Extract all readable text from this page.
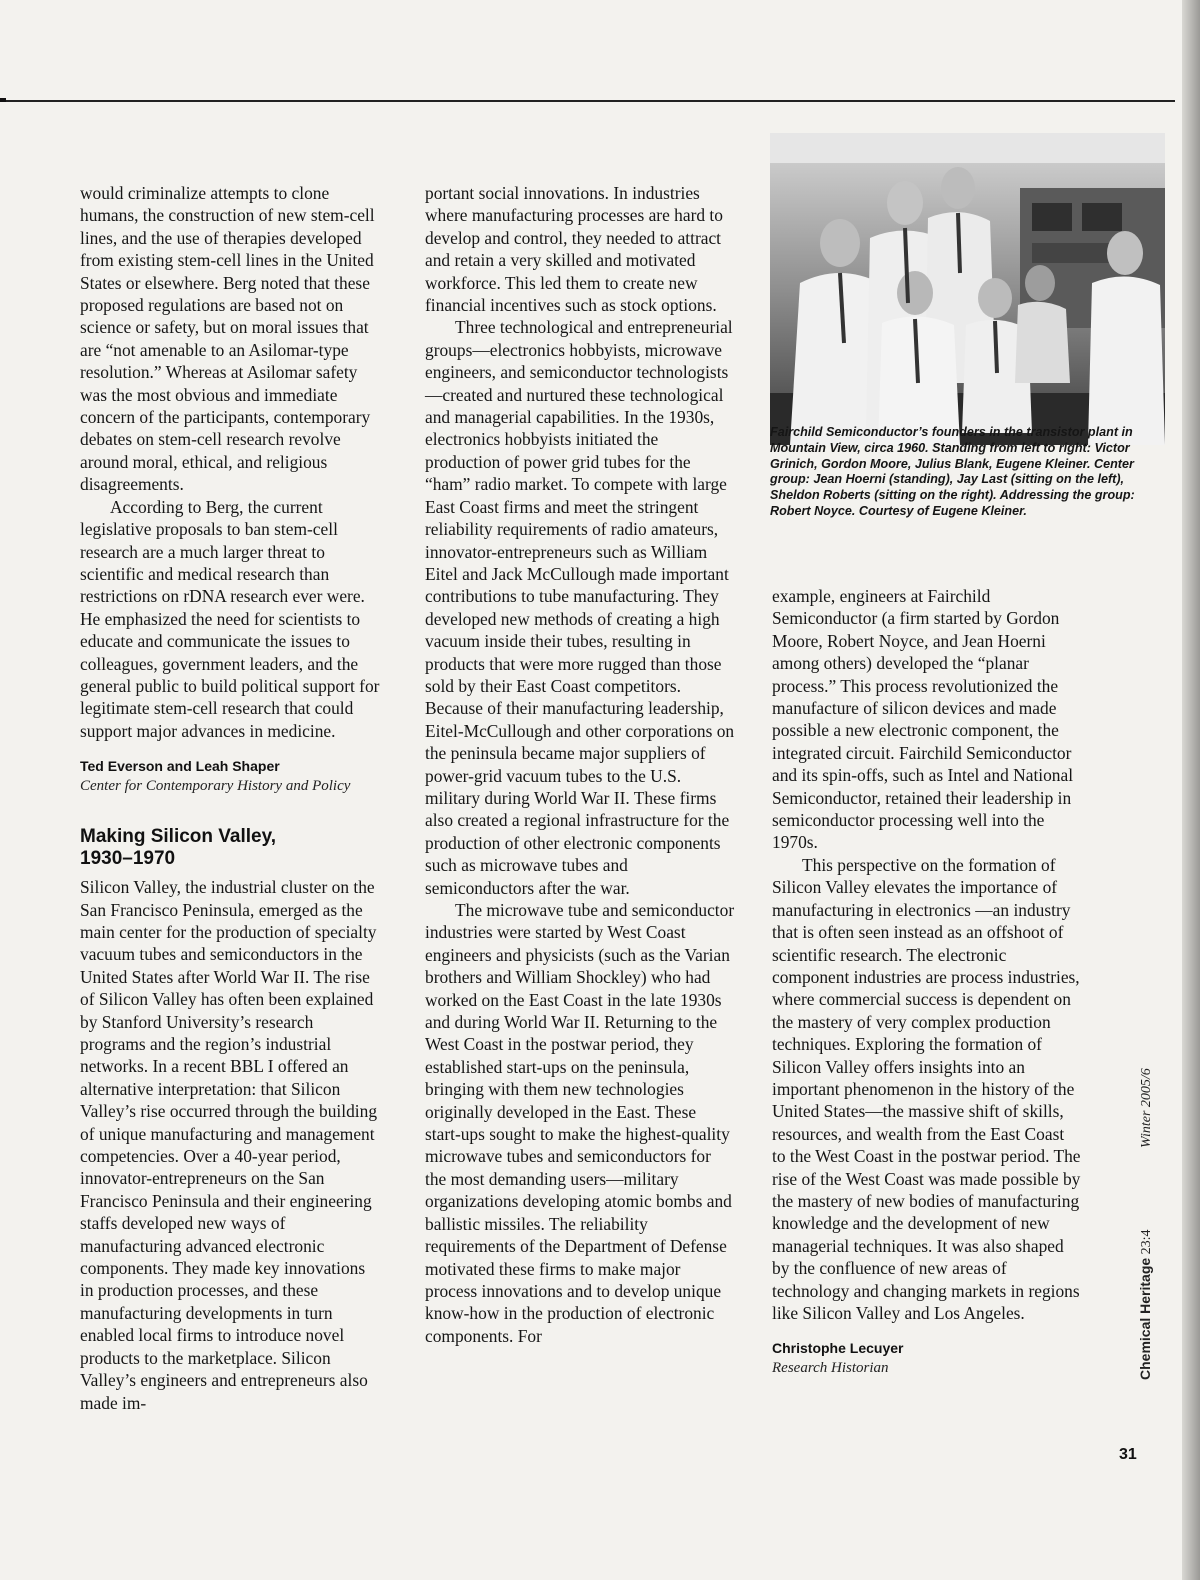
would criminalize attempts to clone humans, the construction of new stem-cell lines, and the use of therapies developed from existing stem-cell lines in the United States or elsewhere. Berg noted that these proposed regulations are based not on science or safety, but on moral issues that are “not amenable to an Asilomar-type resolution.” Whereas at Asilomar safety was the most obvious and immediate concern of the participants, contemporary debates on stem-cell research revolve around moral, ethical, and religious disagreements.

According to Berg, the current legislative proposals to ban stem-cell research are a much larger threat to scientific and medical research than restrictions on rDNA research ever were. He emphasized the need for scientists to educate and communicate the issues to colleagues, government leaders, and the general public to build political support for legitimate stem-cell research that could support major advances in medicine.

Ted Everson and Leah Shaper

Center for Contemporary History and Policy

Making Silicon Valley,
1930–1970

Silicon Valley, the industrial cluster on the San Francisco Peninsula, emerged as the main center for the production of specialty vacuum tubes and semiconductors in the United States after World War II. The rise of Silicon Valley has often been explained by Stanford University’s research programs and the region’s industrial networks. In a recent BBL I offered an alternative interpretation: that Silicon Valley’s rise occurred through the building of unique manufacturing and management competencies. Over a 40-year period, innovator-entrepreneurs on the San Francisco Peninsula and their engineering staffs developed new ways of manufacturing advanced electronic components. They made key innovations in production processes, and these manufacturing developments in turn enabled local firms to introduce novel products to the marketplace. Silicon Valley’s engineers and entrepreneurs also made im-

portant social innovations. In industries where manufacturing processes are hard to develop and control, they needed to attract and retain a very skilled and motivated workforce. This led them to create new financial incentives such as stock options.

Three technological and entrepreneurial groups—electronics hobbyists, microwave engineers, and semiconductor technologists—created and nurtured these technological and managerial capabilities. In the 1930s, electronics hobbyists initiated the production of power grid tubes for the “ham” radio market. To compete with large East Coast firms and meet the stringent reliability requirements of radio amateurs, innovator-entrepreneurs such as William Eitel and Jack McCullough made important contributions to tube manufacturing. They developed new methods of creating a high vacuum inside their tubes, resulting in products that were more rugged than those sold by their East Coast competitors. Because of their manufacturing leadership, Eitel-McCullough and other corporations on the peninsula became major suppliers of power-grid vacuum tubes to the U.S. military during World War II. These firms also created a regional infrastructure for the production of other electronic components such as microwave tubes and semiconductors after the war.

The microwave tube and semiconductor industries were started by West Coast engineers and physicists (such as the Varian brothers and William Shockley) who had worked on the East Coast in the late 1930s and during World War II. Returning to the West Coast in the postwar period, they established start-ups on the peninsula, bringing with them new technologies originally developed in the East. These start-ups sought to make the highest-quality microwave tubes and semiconductors for the most demanding users—military organizations developing atomic bombs and ballistic missiles. The reliability requirements of the Department of Defense motivated these firms to make major process innovations and to develop unique know-how in the production of electronic components. For

Fairchild Semiconductor’s founders in the transistor plant in Mountain View, circa 1960. Standing from left to right: Victor Grinich, Gordon Moore, Julius Blank, Eugene Kleiner. Center group: Jean Hoerni (standing), Jay Last (sitting on the left), Sheldon Roberts (sitting on the right). Addressing the group: Robert Noyce. Courtesy of Eugene Kleiner.

example, engineers at Fairchild Semiconductor (a firm started by Gordon Moore, Robert Noyce, and Jean Hoerni among others) developed the “planar process.” This process revolutionized the manufacture of silicon devices and made possible a new electronic component, the integrated circuit. Fairchild Semiconductor and its spin-offs, such as Intel and National Semiconductor, retained their leadership in semiconductor processing well into the 1970s.

This perspective on the formation of Silicon Valley elevates the importance of manufacturing in electronics —an industry that is often seen instead as an offshoot of scientific research. The electronic component industries are process industries, where commercial success is dependent on the mastery of very complex production techniques. Exploring the formation of Silicon Valley offers insights into an important phenomenon in the history of the United States—the massive shift of skills, resources, and wealth from the East Coast to the West Coast in the postwar period. The rise of the West Coast was made possible by the mastery of new bodies of manufacturing knowledge and the development of new managerial techniques. It was also shaped by the confluence of new areas of technology and changing markets in regions like Silicon Valley and Los Angeles.

Christophe Lecuyer

Research Historian	Chemical Heritage 23:4 Winter 2005/6
31
